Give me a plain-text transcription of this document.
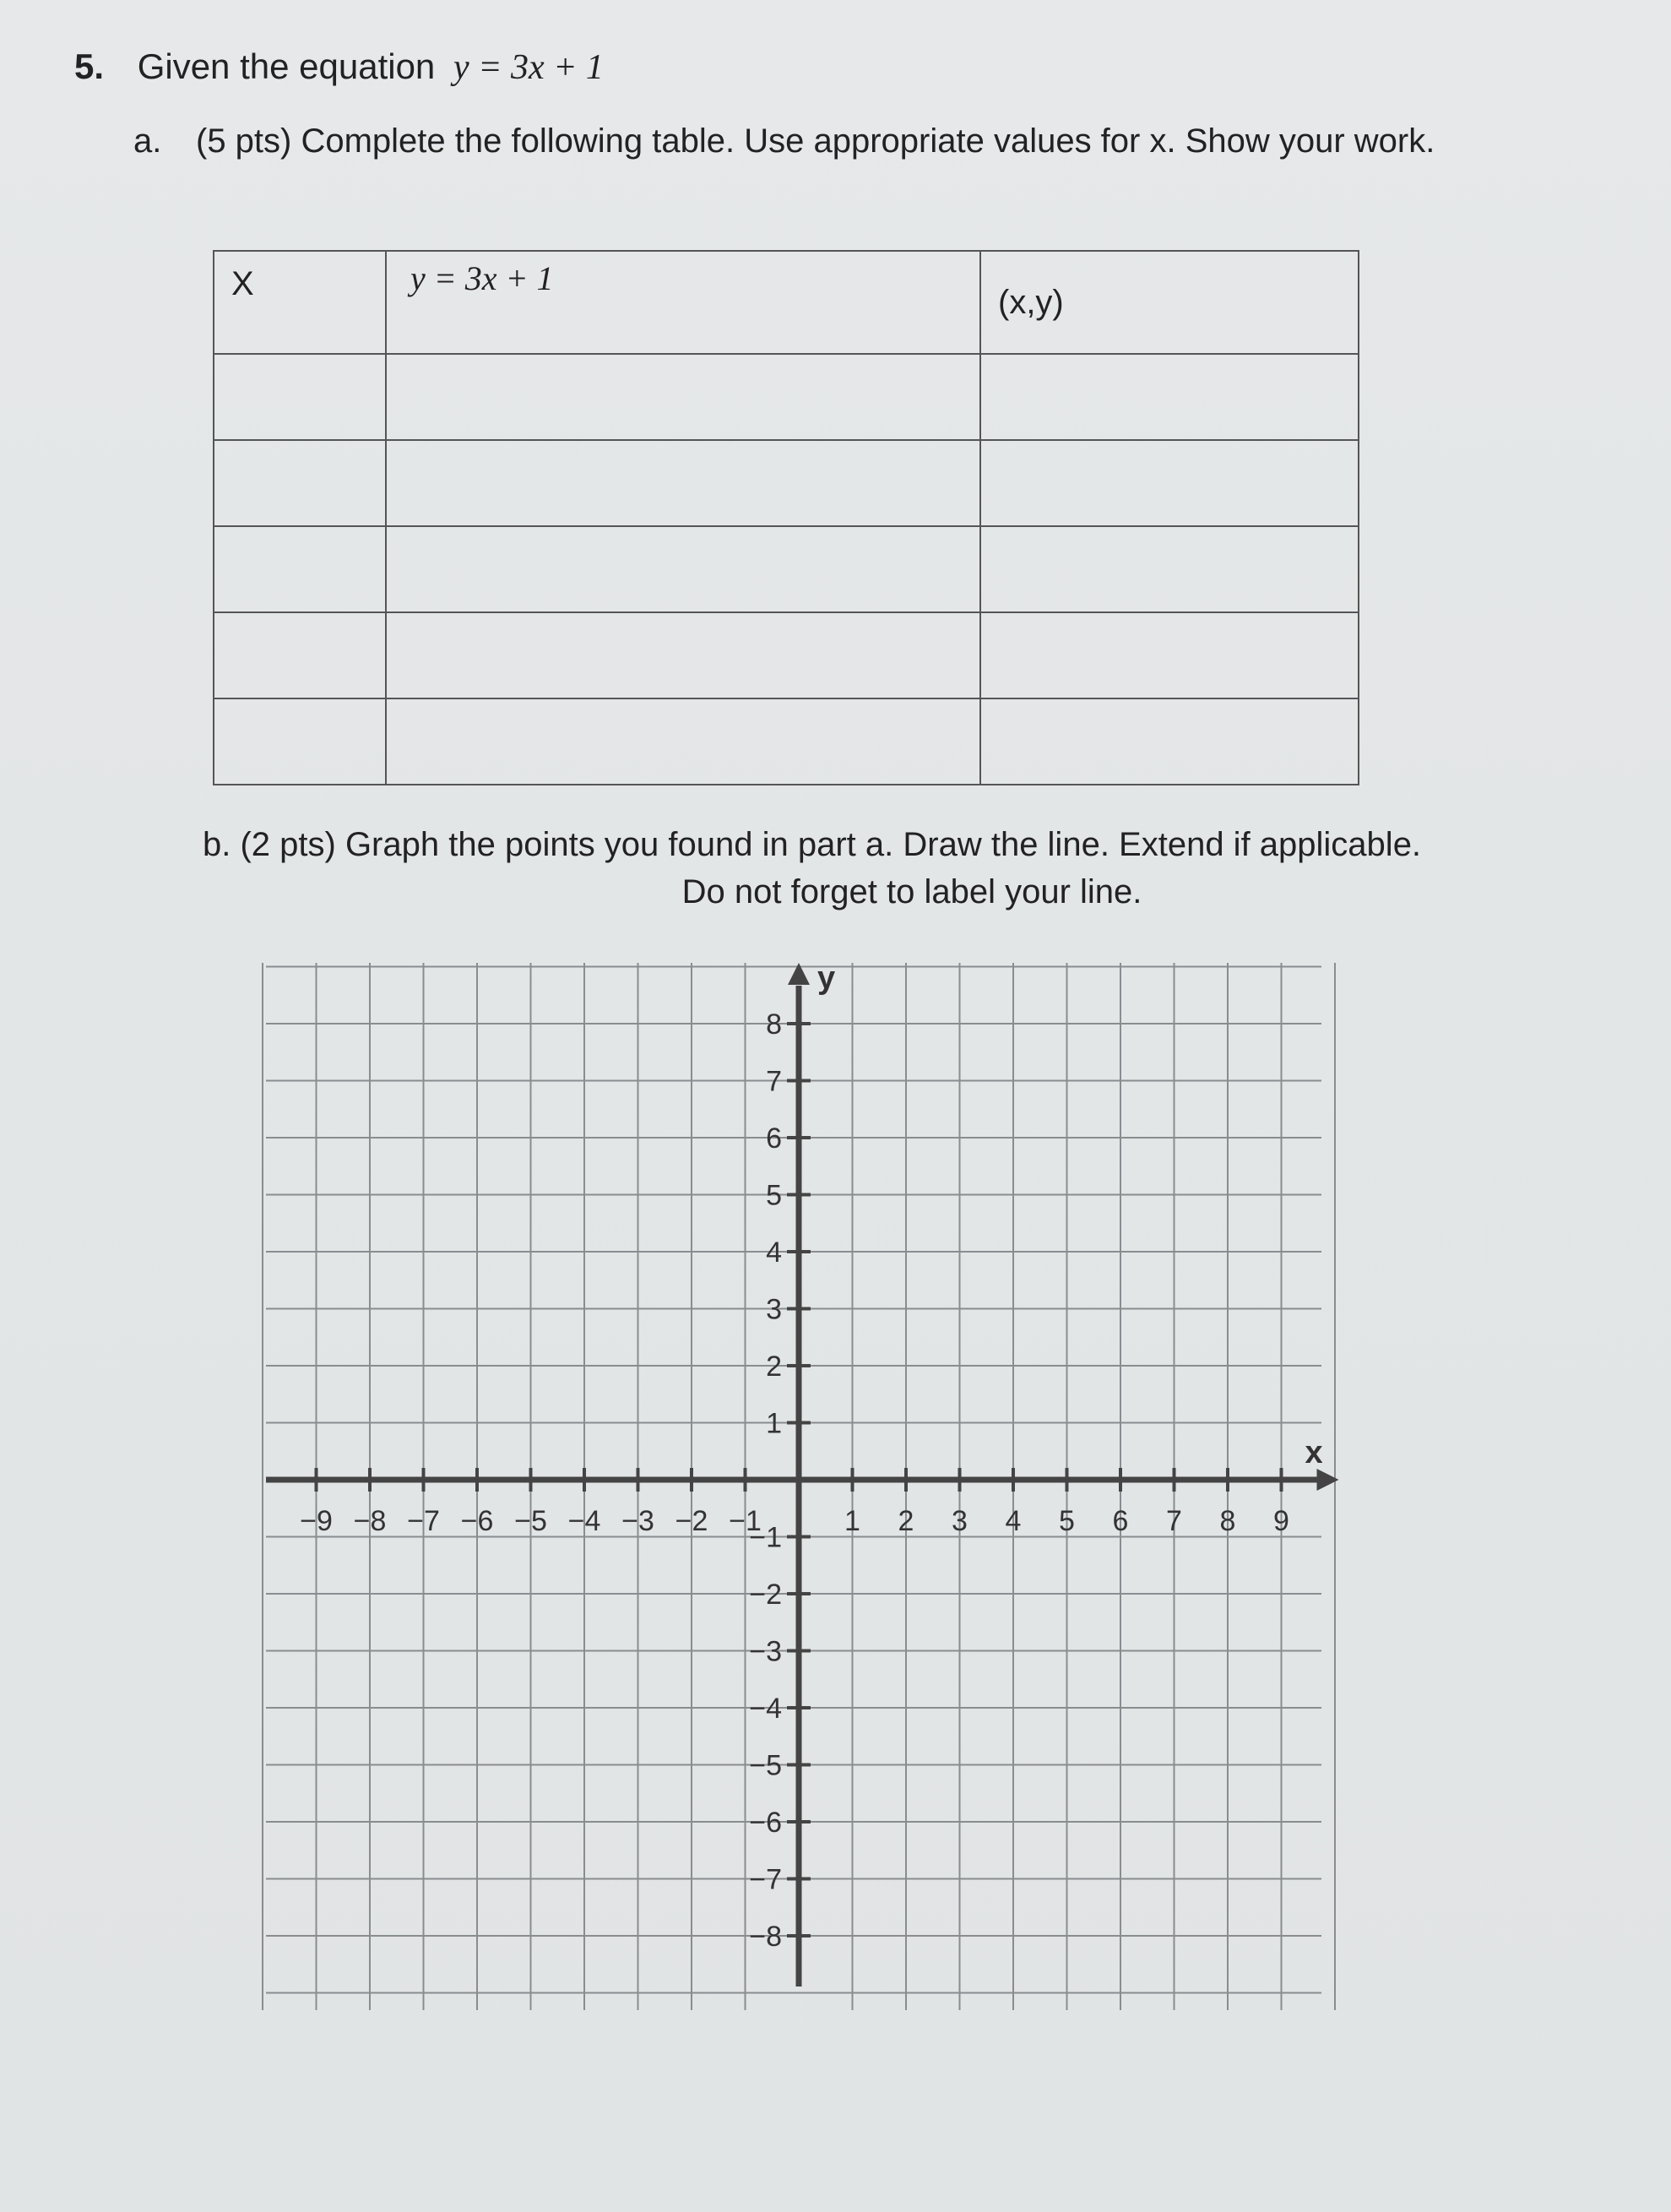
5. Given the equation y = 3x + 1
a. (5 pts) Complete the following table. Use appropriate values for x. Show your work.
X	y = 3x + 1	(x,y)

b. (2 pts) Graph the points you found in part a. Draw the line. Extend if applicable.
Do not forget to label your line.
x
y
−9 −8 −7 −6 −5 −4 −3 −2 −1	1 2 3 4 5 6 7 8 9
8
7
6
5
4
3
2
1
−1
−2
−3
−4
−5
−6
−7
−8
